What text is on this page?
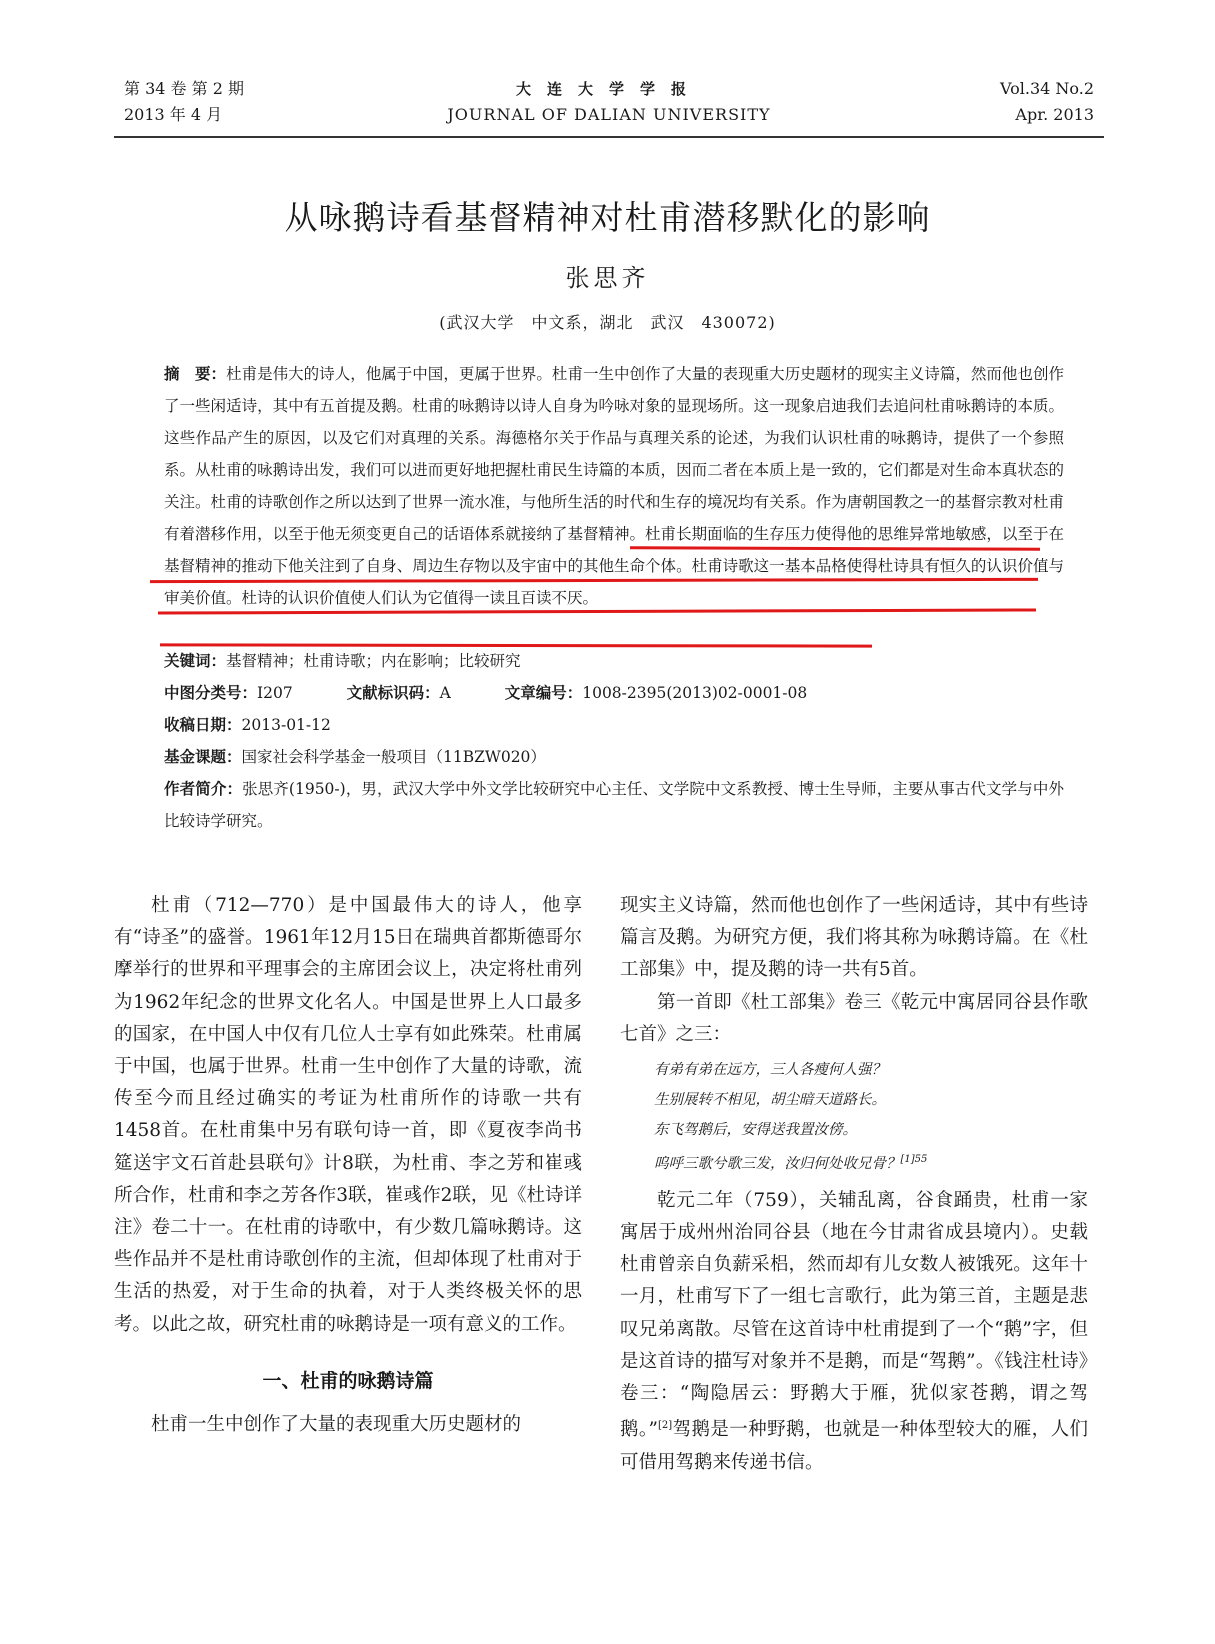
第 34 卷 第 2 期
2013 年 4 月
大连大学学报
JOURNAL OF DALIAN UNIVERSITY
Vol.34 No.2
Apr. 2013
从咏鹅诗看基督精神对杜甫潜移默化的影响
张思齐
(武汉大学　中文系，湖北　武汉　430072)
摘　要：杜甫是伟大的诗人，他属于中国，更属于世界。杜甫一生中创作了大量的表现重大历史题材的现实主义诗篇，然而他也创作了一些闲适诗，其中有五首提及鹅。杜甫的咏鹅诗以诗人自身为吟咏对象的显现场所。这一现象启迪我们去追问杜甫咏鹅诗的本质。这些作品产生的原因，以及它们对真理的关系。海德格尔关于作品与真理关系的论述，为我们认识杜甫的咏鹅诗，提供了一个参照系。从杜甫的咏鹅诗出发，我们可以进而更好地把握杜甫民生诗篇的本质，因而二者在本质上是一致的，它们都是对生命本真状态的关注。杜甫的诗歌创作之所以达到了世界一流水准，与他所生活的时代和生存的境况均有关系。作为唐朝国教之一的基督宗教对杜甫有着潜移作用，以至于他无须变更自己的话语体系就接纳了基督精神。杜甫长期面临的生存压力使得他的思维异常地敏感，以至于在基督精神的推动下他关注到了自身、周边生存物以及宇宙中的其他生命个体。杜甫诗歌这一基本品格使得杜诗具有恒久的认识价值与审美价值。杜诗的认识价值使人们认为它值得一读且百读不厌。
关键词：基督精神；杜甫诗歌；内在影响；比较研究
中图分类号：I207	文献标识码：A	文章编号：1008-2395(2013)02-0001-08
收稿日期：2013-01-12
基金课题：国家社会科学基金一般项目（11BZW020）
作者简介：张思齐(1950-)，男，武汉大学中外文学比较研究中心主任、文学院中文系教授、博士生导师，主要从事古代文学与中外比较诗学研究。

杜甫（712—770）是中国最伟大的诗人，他享有“诗圣”的盛誉。1961年12月15日在瑞典首都斯德哥尔摩举行的世界和平理事会的主席团会议上，决定将杜甫列为1962年纪念的世界文化名人。中国是世界上人口最多的国家，在中国人中仅有几位人士享有如此殊荣。杜甫属于中国，也属于世界。杜甫一生中创作了大量的诗歌，流传至今而且经过确实的考证为杜甫所作的诗歌一共有1458首。在杜甫集中另有联句诗一首，即《夏夜李尚书筵送宇文石首赴县联句》计8联，为杜甫、李之芳和崔彧所合作，杜甫和李之芳各作3联，崔彧作2联，见《杜诗详注》卷二十一。在杜甫的诗歌中，有少数几篇咏鹅诗。这些作品并不是杜甫诗歌创作的主流，但却体现了杜甫对于生活的热爱，对于生命的执着，对于人类终极关怀的思考。以此之故，研究杜甫的咏鹅诗是一项有意义的工作。

一、杜甫的咏鹅诗篇

杜甫一生中创作了大量的表现重大历史题材的

现实主义诗篇，然而他也创作了一些闲适诗，其中有些诗篇言及鹅。为研究方便，我们将其称为咏鹅诗篇。在《杜工部集》中，提及鹅的诗一共有5首。

第一首即《杜工部集》卷三《乾元中寓居同谷县作歌七首》之三：

有弟有弟在远方，三人各瘦何人强？
生别展转不相见，胡尘暗天道路长。
东飞驾鹅后，安得送我置汝傍。
呜呼三歌兮歌三发，汝归何处收兄骨？$^{[1]55}$

乾元二年（759），关辅乱离，谷食踊贵，杜甫一家寓居于成州州治同谷县（地在今甘肃省成县境内）。史载杜甫曾亲自负薪采梠，然而却有儿女数人被饿死。这年十一月，杜甫写下了一组七言歌行，此为第三首，主题是悲叹兄弟离散。尽管在这首诗中杜甫提到了一个“鹅”字，但是这首诗的描写对象并不是鹅，而是“驾鹅”。《钱注杜诗》卷三：“陶隐居云：野鹅大于雁，犹似家苍鹅，谓之驾鹅。”[2]驾鹅是一种野鹅，也就是一种体型较大的雁，人们可借用驾鹅来传递书信。
